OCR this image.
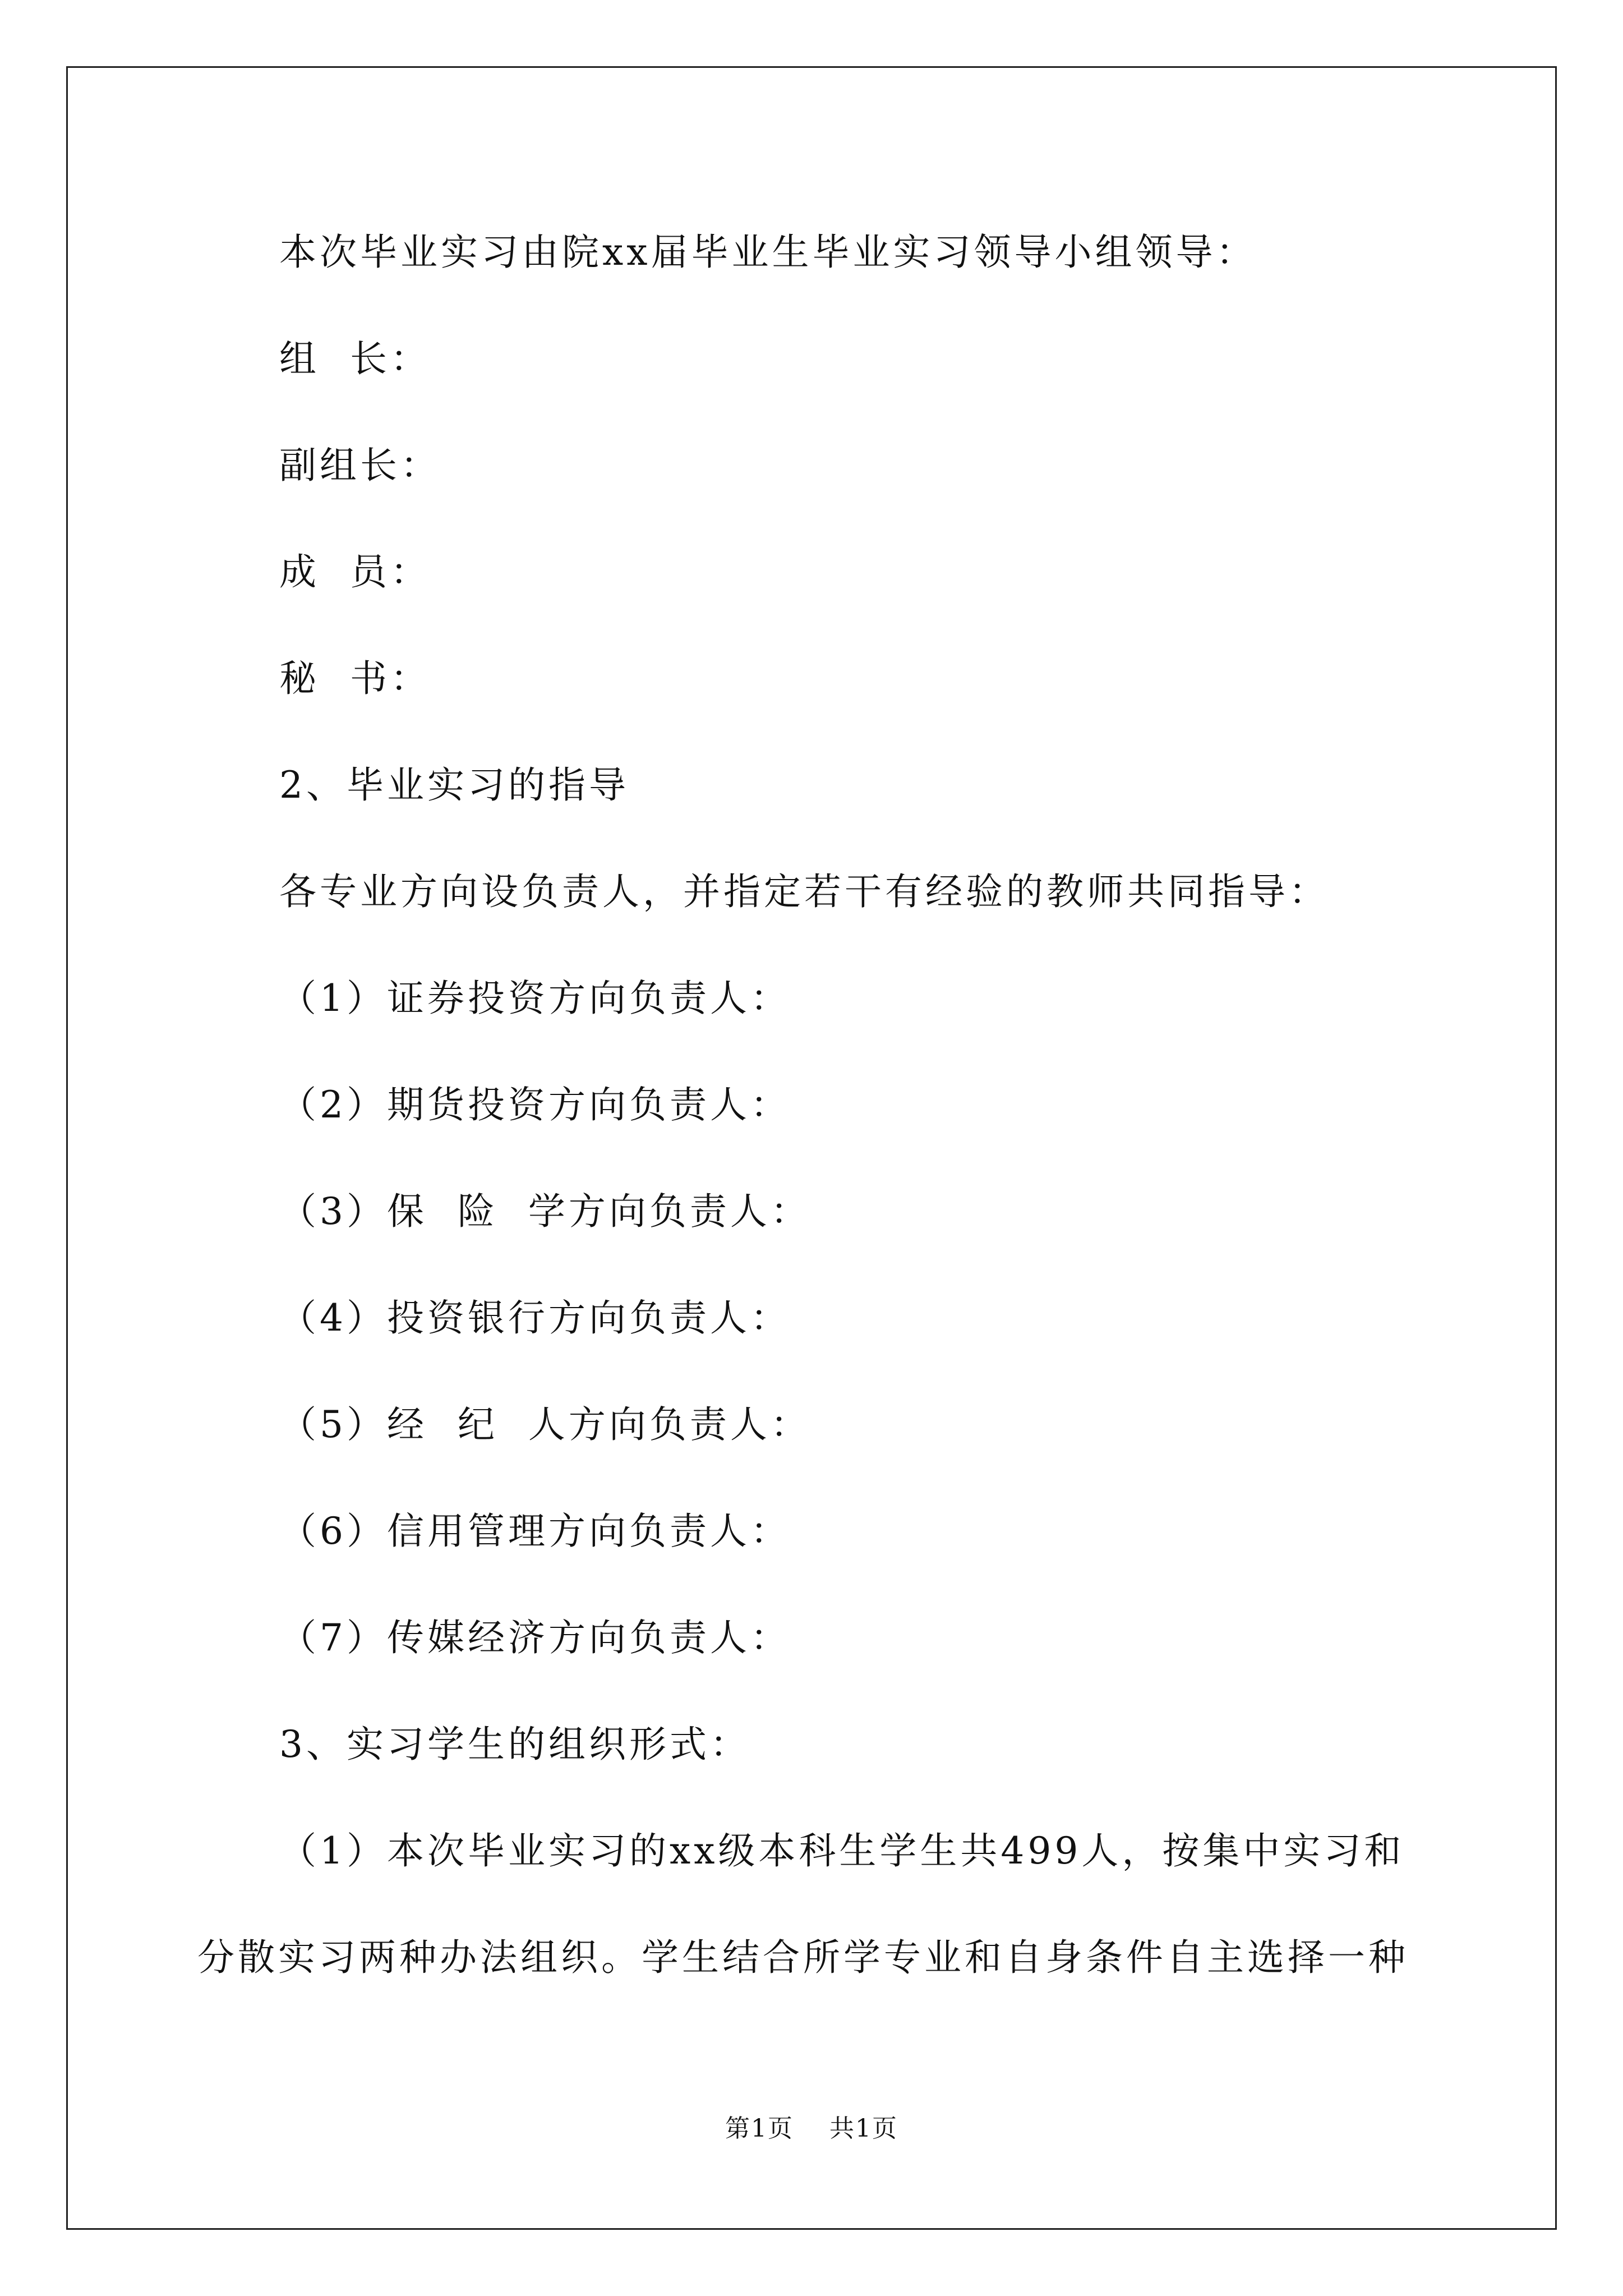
本次毕业实习由院xx届毕业生毕业实习领导小组领导：
组  长：
副组长：
成  员：
秘  书：
2、毕业实习的指导
各专业方向设负责人，并指定若干有经验的教师共同指导：
（1）证券投资方向负责人：
（2）期货投资方向负责人：
（3）保  险  学方向负责人：
（4）投资银行方向负责人：
（5）经  纪  人方向负责人：
（6）信用管理方向负责人：
（7）传媒经济方向负责人：
3、实习学生的组织形式：
（1）本次毕业实习的xx级本科生学生共499人，按集中实习和
分散实习两种办法组织。学生结合所学专业和自身条件自主选择一种
第1页    共1页
